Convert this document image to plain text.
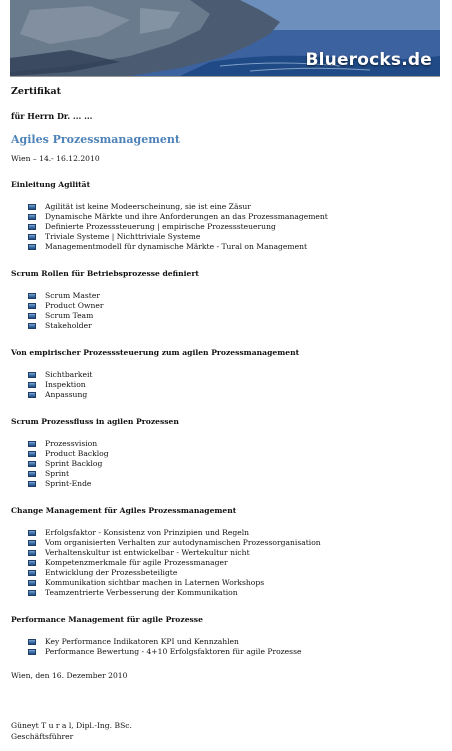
Bluerocks.de

Zertifikat

für Herrn Dr. ... ...

Agiles Prozessmanagement

Wien – 14.- 16.12.2010

Einleitung Agilität

Agilität ist keine Modeerscheinung, sie ist eine Zäsur
Dynamische Märkte und ihre Anforderungen an das Prozessmanagement
Definierte Prozesssteuerung | empirische Prozesssteuerung
Triviale Systeme | Nichttriviale Systeme
Managementmodell für dynamische Märkte - Tural on Management

Scrum Rollen für Betriebsprozesse definiert

Scrum Master
Product Owner
Scrum Team
Stakeholder

Von empirischer Prozesssteuerung zum agilen Prozessmanagement

Sichtbarkeit
Inspektion
Anpassung

Scrum Prozessfluss in agilen Prozessen

Prozessvision
Product Backlog
Sprint Backlog
Sprint
Sprint-Ende

Change Management für Agiles Prozessmanagement

Erfolgsfaktor - Konsistenz von Prinzipien und Regeln
Vom organisierten Verhalten zur autodynamischen Prozessorganisation
Verhaltenskultur ist entwickelbar - Wertekultur nicht
Kompetenzmerkmale für agile Prozessmanager
Entwicklung der Prozessbeteiligte
Kommunikation sichtbar machen in Laternen Workshops
Teamzentrierte Verbesserung der Kommunikation

Performance Management für agile Prozesse

Key Performance Indikatoren KPI und Kennzahlen
Performance Bewertung - 4+10 Erfolgsfaktoren für agile Prozesse

Wien, den 16. Dezember 2010

Güneyt T u r a l, Dipl.-Ing. BSc.

Geschäftsführer
